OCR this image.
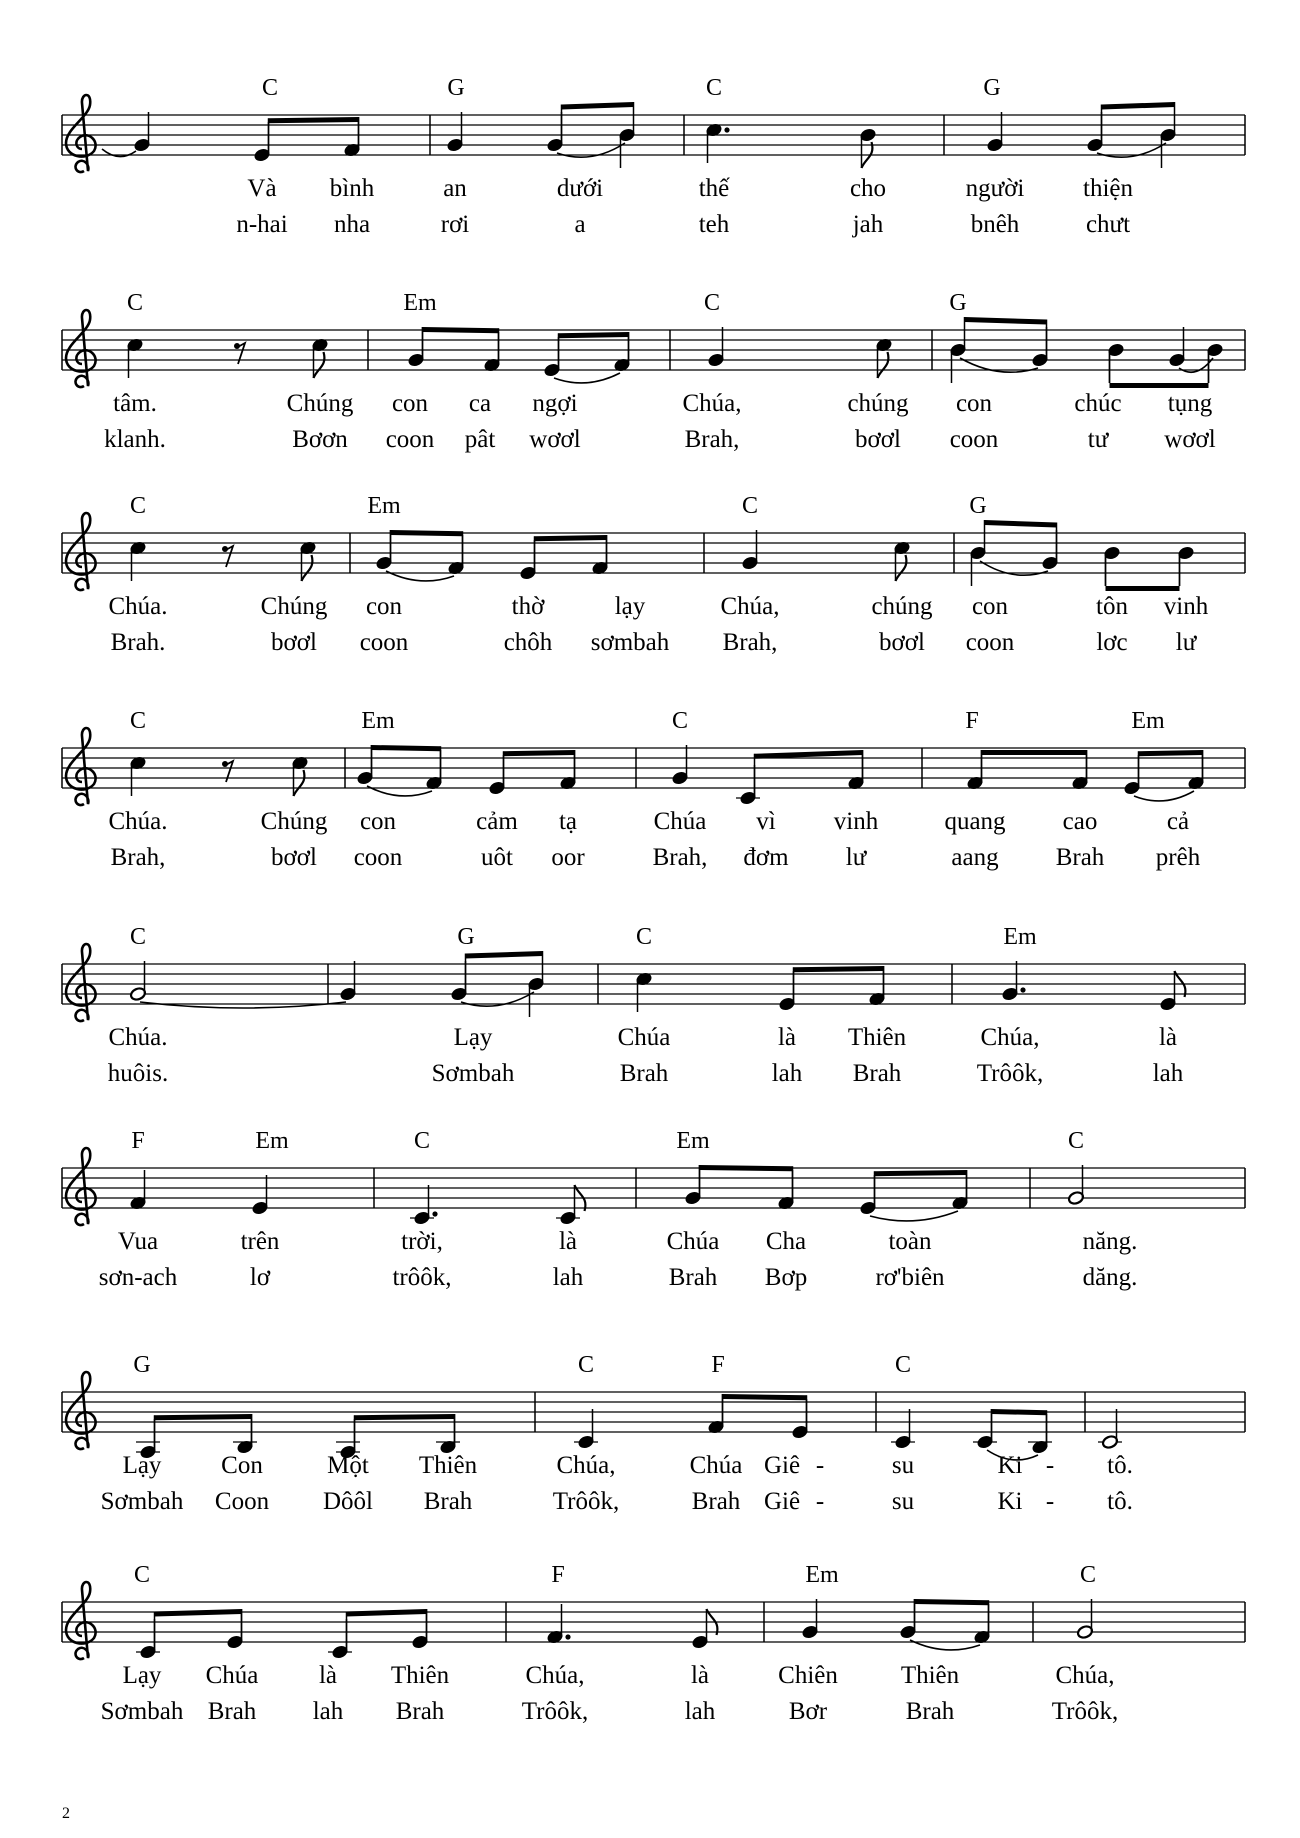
2
C	G	C	G
Và bình	an	dưới	thế	cho	người thiện
n-hai nha	rơi	a	teh	jah	bnêh	chưt
C	Em	C	G
tâm.	Chúng con ca ngợi	Chúa,	chúng con	chúc tụng
klanh.	Bơơn coon pât wơơl	Brah,	bơơl coon	tư wơơl
C	Em	C	G
Chúa.	Chúng con	thờ	lạy	Chúa,	chúng con	tôn vinh
Brah.	bơơl coon	chôh sơmbah Brah,	bơơl coon	lơc lư
C	Em	C	F	Em
Chúa.	Chúng con	cảm tạ	Chúa vì vinh	quang cao	cả
Brah,	bơơl coon	uôt oor	Brah, đơm lư	aang Brah prêh
C	G	C	Em
Chúa.	Lạy	Chúa	là Thiên	Chúa,	là
huôis.	Sơmbah	Brah	lah Brah	Trôôk,	lah
F	Em	C	Em	C
Vua	trên	trời,	là	Chúa Cha	toàn	năng.
sơn-ach	lơ	trôôk,	lah	Brah Bơp	rơ'biên	dăng.
G	C	F	C
Lạy Con	Một Thiên	Chúa,	Chúa Giê -	su	Ki - tô.
Sơmbah Coon Dôôl Brah	Trôôk,	Brah Giê -	su	Ki - tô.
C	F	Em	C
Lạy Chúa là Thiên	Chúa,	là	Chiên	Thiên	Chúa,
Sơmbah Brah lah Brah	Trôôk,	lah	Bơr	Brah	Trôôk,
